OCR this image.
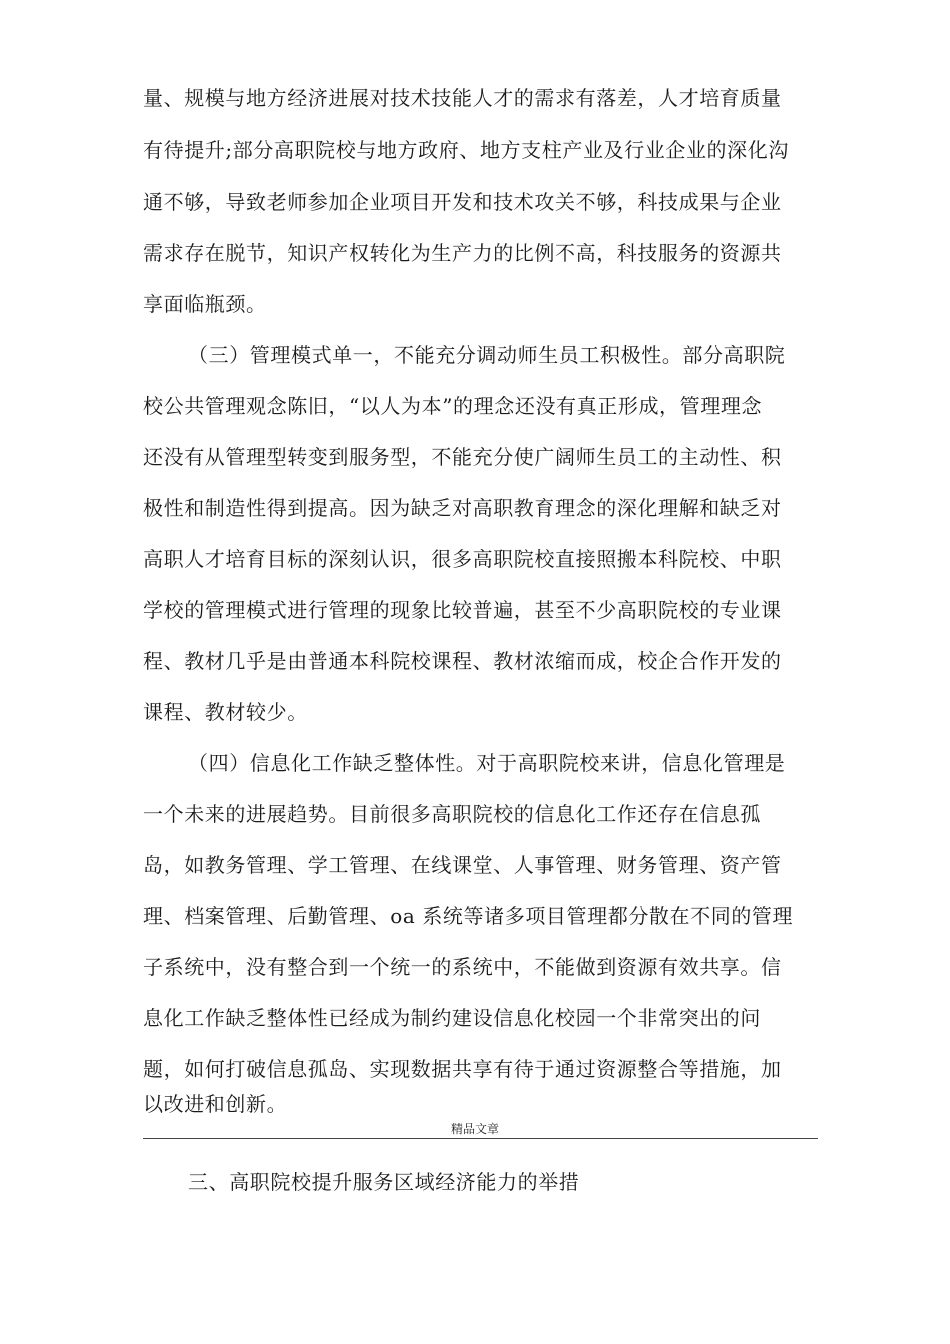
量、规模与地方经济进展对技术技能人才的需求有落差，人才培育质量
有待提升;部分高职院校与地方政府、地方支柱产业及行业企业的深化沟
通不够，导致老师参加企业项目开发和技术攻关不够，科技成果与企业
需求存在脱节，知识产权转化为生产力的比例不高，科技服务的资源共
享面临瓶颈。
（三）管理模式单一，不能充分调动师生员工积极性。部分高职院
校公共管理观念陈旧，“以人为本”的理念还没有真正形成，管理理念
还没有从管理型转变到服务型，不能充分使广阔师生员工的主动性、积
极性和制造性得到提高。因为缺乏对高职教育理念的深化理解和缺乏对
高职人才培育目标的深刻认识，很多高职院校直接照搬本科院校、中职
学校的管理模式进行管理的现象比较普遍，甚至不少高职院校的专业课
程、教材几乎是由普通本科院校课程、教材浓缩而成，校企合作开发的
课程、教材较少。
（四）信息化工作缺乏整体性。对于高职院校来讲，信息化管理是
一个未来的进展趋势。目前很多高职院校的信息化工作还存在信息孤
岛，如教务管理、学工管理、在线课堂、人事管理、财务管理、资产管
理、档案管理、后勤管理、oa 系统等诸多项目管理都分散在不同的管理
子系统中，没有整合到一个统一的系统中，不能做到资源有效共享。信
息化工作缺乏整体性已经成为制约建设信息化校园一个非常突出的问
题，如何打破信息孤岛、实现数据共享有待于通过资源整合等措施，加
以改进和创新。
精品文章
三、高职院校提升服务区域经济能力的举措
